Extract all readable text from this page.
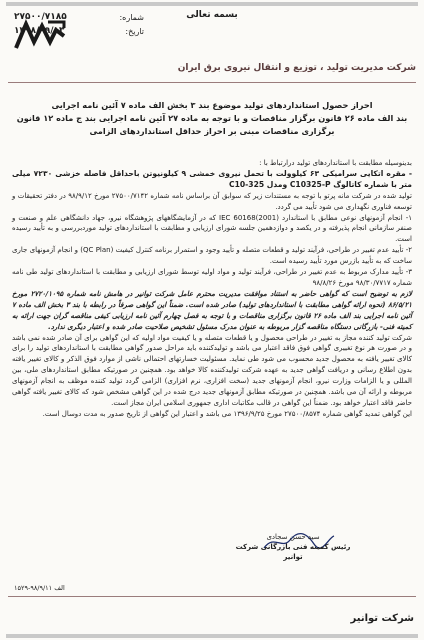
بسمه تعالی
۲۷۵۰۰/۷۱۸۵	شماره:
۱۳۹۸/۰۹/۱۳	تاریخ:
شرکت مدیریت تولید ، توزیع و انتقال نیروی برق ایران
احراز حصول استانداردهای تولید موضوع بند ۳ بخش الف ماده ۷ آئین نامه اجرایی
بند الف ماده ۲۶ قانون برگزار مناقصات و با توجه به ماده ۲۷ آئین نامه اجرایی بند ج ماده ۱۲ قانون
برگزاری مناقصات مبنی بر احراز حداقل استانداردهای الزامی

بدینوسیله مطابقت با استانداردهای تولید درارتباط با :

- مقره اتکایی سرامیکی ۶۳ کیلوولت با تحمل نیروی خمشی ۹ کیلونیوتن باحداقل فاصله خزشی ۷۲۳۰ میلی متر با شماره کاتالوگ C10325-P ومدل C10-325

تولید شده در شرکت مانه پرتو با توجه به مستندات زیر که سوابق آن براساس نامه شماره ۲۷۵۰۰/۷۱۴۲ مورخ ۹۸/۹/۱۲ در دفتر تحقیقات و توسعه فناوری نگهداری می شود تأیید می گردد.

۱- انجام آزمونهای نوعی مطابق با استاندارد IEC 60168(2001) که در آزمایشگاههای پژوهشگاه نیرو، جهاد دانشگاهی علم و صنعت و صنفر سازمانی انجام پذیرفته و در یکصد و دوازدهمین جلسه شورای ارزیابی و مطابقت با استانداردهای تولید موردبررسی و به تأیید رسیده است.

۲- تأیید عدم تغییر در طراحی، فرآیند تولید و قطعات متصله و تأیید وجود و استمرار برنامه کنترل کیفیت (QC Plan) و انجام آزمونهای جاری ساخت که به تأیید بازرس مورد تأیید رسیده است.

۳- تأیید مدارک مربوط به عدم تغییر در طراحی، فرآیند تولید و مواد اولیه توسط شورای ارزیابی و مطابقت با استانداردهای تولید طی نامه شماره ۹۸/۳۰/۷۷۱۷ مورخ ۹۸/۸/۲۶

لازم به توضیح است که گواهی حاضر به استناد موافقت مدیریت محترم عامل شرکت توانیر در هامش نامه شماره ۲۷۲۰/۱۰۹۵ مورخ ۸۶/۵/۲۱ (نحوه ارائه گواهی مطابقت با استانداردهای تولید) صادر شده است. ضمناً این گواهی صرفاً در رابطه با بند ۳ بخش الف ماده ۷ آئین نامه اجرایی بند الف ماده ۲۶ قانون برگزاری مناقصات و با توجه به فصل چهارم آئین نامه ارزیابی کیفی مناقصه گران جهت ارائه به کمیته فنی- بازرگانی دستگاه مناقصه گزار مربوطه به عنوان مدرک مسئول تشخیص صلاحیت صادر شده و اعتبار دیگری ندارد.

شرکت تولید کننده مجاز به تغییر در طراحی محصول و یا قطعات متصله و یا کیفیت مواد اولیه که این گواهی برای آن صادر شده نمی باشد و در صورت هر نوع تغییری گواهی فوق فاقد اعتبار می باشد و تولیدکننده باید مراحل صدور گواهی مطابقت با استانداردهای تولید را برای کالای تغییر یافته به محصول جدید محسوب می شود طی نماید. مسئولیت خسارتهای احتمالی ناشی از موارد فوق الذکر و کالای تغییر یافته بدون اطلاع رسانی و دریافت گواهی جدید به عهده شرکت تولیدکننده کالا خواهد بود. همچنین در صورتیکه مطابق استانداردهای ملی، بین المللی و یا الزامات وزارت نیرو، انجام آزمونهای جدید (سخت افزاری، نرم افزاری) الزامی گردد تولید کننده موظف به انجام آزمونهای مربوطه و ارائه آن می باشد. همچنین در صورتیکه مطابق آزمونهای جدید درج شده در این گواهی مشخص شود که کالای تغییر یافته گواهی حاضر فاقد اعتبار خواهد بود. ضمناً این گواهی در قالب مکاتبات اداری جمهوری اسلامی ایران مجاز است.

این گواهی تمدید گواهی شماره ۲۷۵۰۰/۸۵۷۴ مورخ ۱۳۹۶/۹/۲۵ می باشد و اعتبار این گواهی از تاریخ صدور به مدت دوسال است.

سید حسن سجادی
رئیس کمیته فنی بازرگانی شرکت توانیر
الف ۹۸/۹/۱۱-۱۵۲۹
شرکت توانیر
